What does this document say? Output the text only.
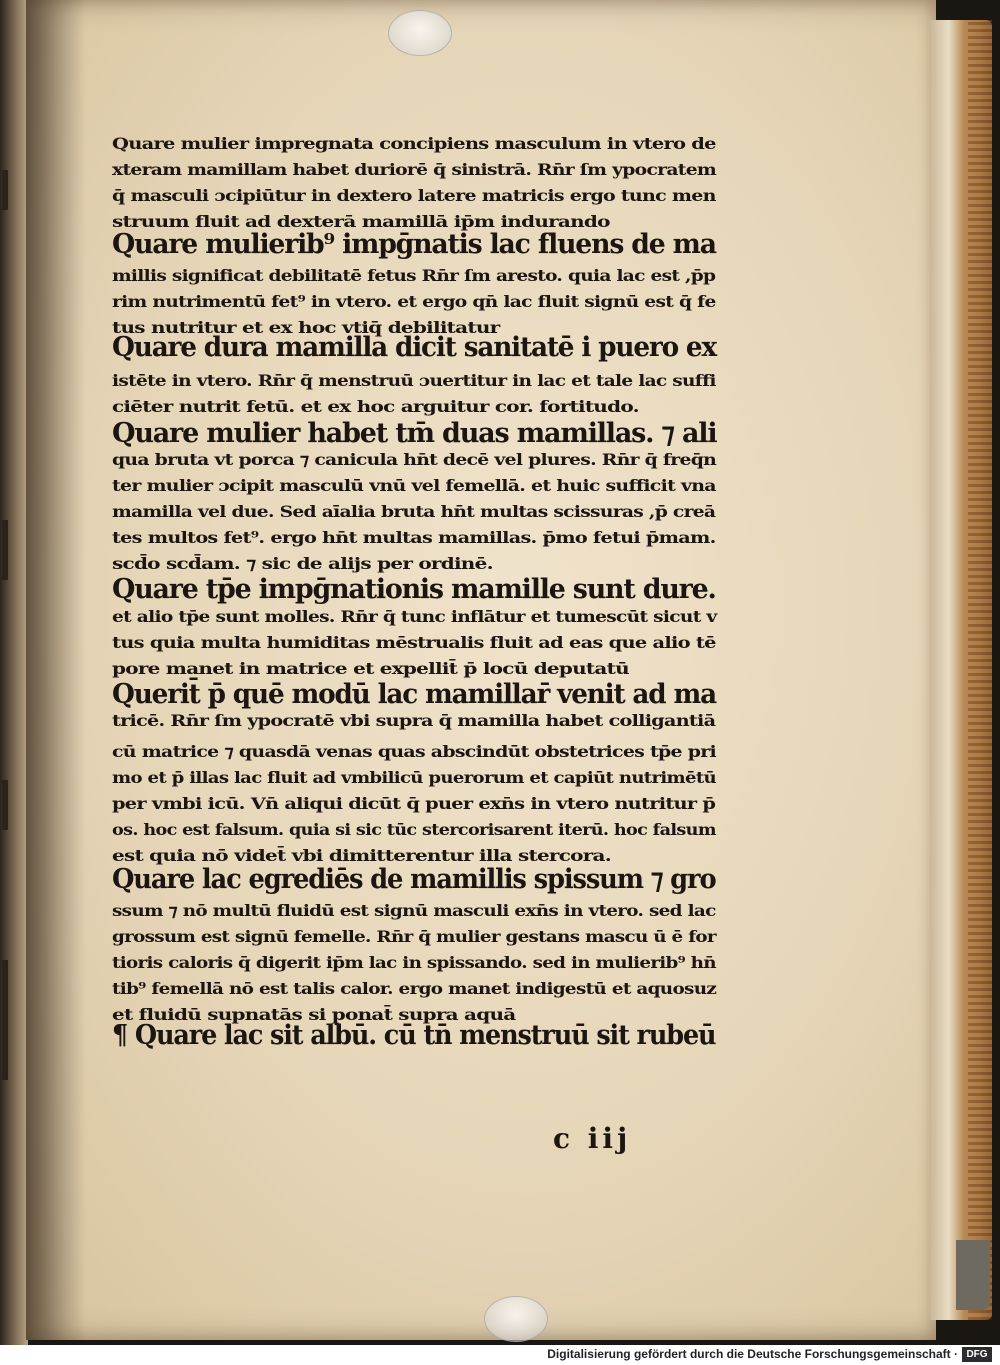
Quare mulier impregnata concipiens masculum in vtero de
xteram mamillam habet duriorē q̄ sinistrā. Rn̄r ſm ypocratem
q̄ masculi ɔcipiūtur in dextero latere matricis ergo tunc men
struum fluit ad dexterā mamillā ip̄m indurando
Quare mulierib⁹ impḡnatis lac fluens de ma
millis significat debilitatē fetus Rn̄r ſm aresto. quia lac est ,p̄p
rim nutrimentū fet⁹ in vtero. et ergo qn̄ lac fluit signū est q̄ fe
tus nutritur et ex hoc vtiq̄ debilitatur
Quare dura mamilla dicit sanitatē i puero ex
istēte in vtero. Rn̄r q̄ menstruū ɔuertitur in lac et tale lac suffi
ciēter nutrit fetū. et ex hoc arguitur cor. fortitudo.
Quare mulier habet tm̄ duas mamillas. ⁊ ali
qua bruta vt porca ⁊ canicula hn̄t decē vel plures. Rn̄r q̄ freq̄n
ter mulier ɔcipit masculū vnū vel femellā. et huic sufficit vna
mamilla vel due. Sed aīalia bruta hn̄t multas scissuras ,p̄ creā
tes multos fet⁹. ergo hn̄t multas mamillas. p̄mo fetui p̄mam.
scd̄o scd̄am. ⁊ sic de alijs per ordinē.
Quare tp̄e impḡnationis mamille sunt dure.
et alio tp̄e sunt molles. Rn̄r q̄ tunc inflātur et tumescūt sicut v
tus quia multa humiditas mēstrualis fluit ad eas que alio tē
pore manet in matrice et expellit̄ p̄ locū deputatū
Querit̄ p̄ quē modū lac mamillar̄ venit ad ma
tricē. Rn̄r ſm ypocratē vbi supra q̄ mamilla habet colligantiā
cū matrice ⁊ quasdā venas quas abscindūt obstetrices tp̄e pri
mo et p̄ illas lac fluit ad vmbilicū puerorum et capiūt nutrimētū
per vmbi icū. Vn̄ aliqui dicūt q̄ puer exn̄s in vtero nutritur p̄
os. hoc est falsum. quia si sic tūc stercorisarent iterū. hoc falsum
est quia nō videt̄ vbi dimitterentur illa stercora.
Quare lac egrediēs de mamillis spissum ⁊ gro
ssum ⁊ nō multū fluidū est signū masculi exn̄s in vtero. sed lac
grossum est signū femelle. Rn̄r q̄ mulier gestans mascu ū ē for
tioris caloris q̄ digerit ip̄m lac in spissando. sed in mulierib⁹ hn̄
tib⁹ femellā nō est talis calor. ergo manet indigestū et aquosuz
et fluidū supnatās si ponat̄ supra aquā
¶ Quare lac sit albū. cū tn̄ menstruū sit rubeū
c iij
Digitalisierung gefördert durch die Deutsche Forschungsgemeinschaft · DFG
